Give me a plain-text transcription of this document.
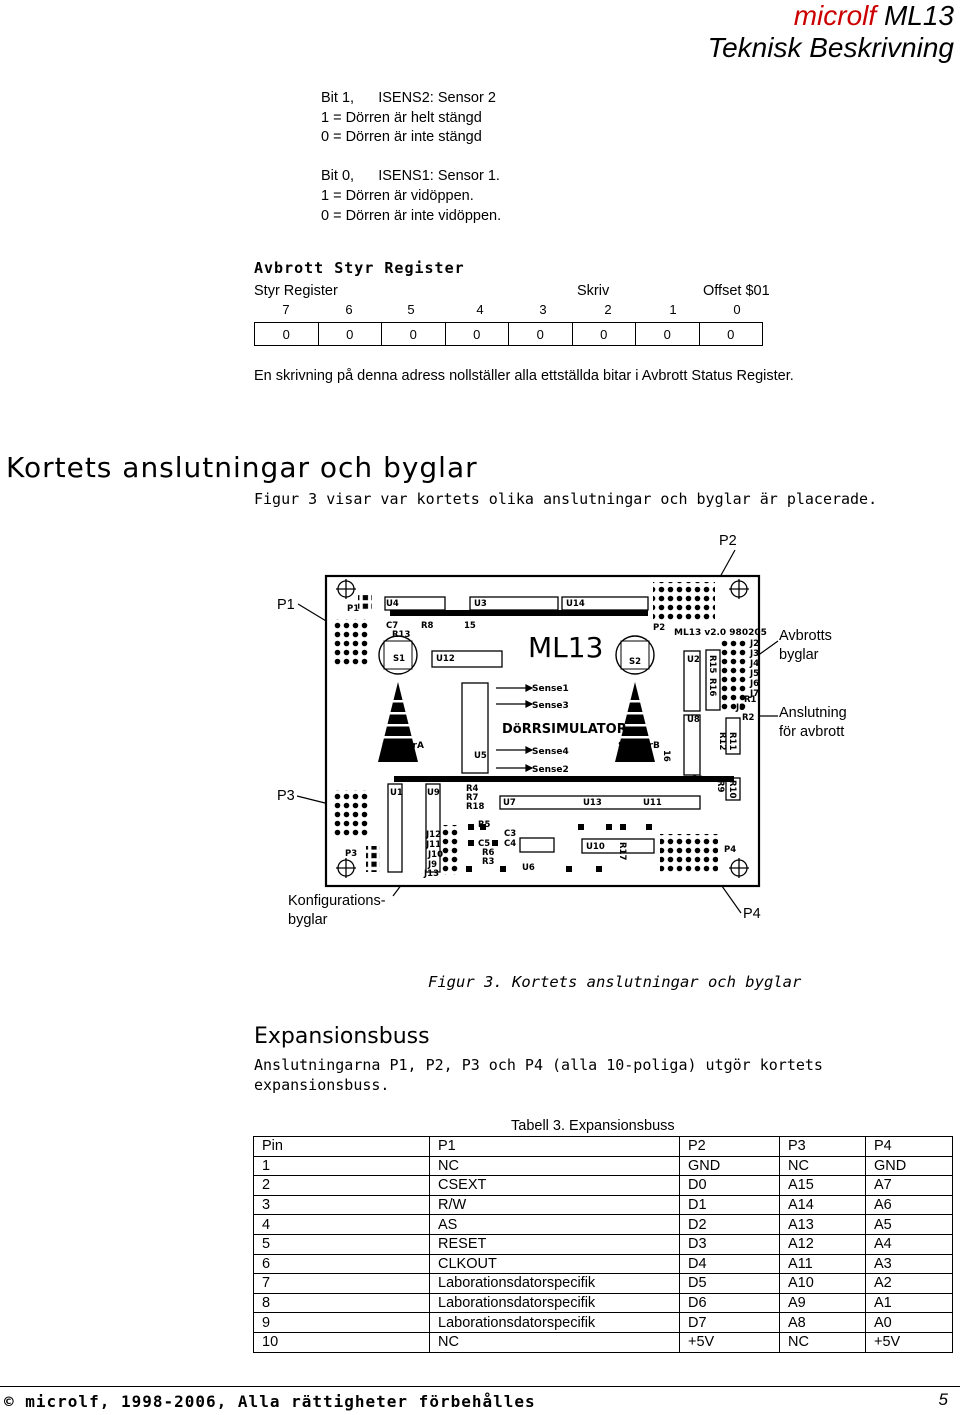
microlf ML13
Teknisk Beskrivning
Bit 1,      ISENS2: Sensor 2
1 = Dörren är helt stängd
0 = Dörren är inte stängd

Bit 0,      ISENS1: Sensor 1.
1 = Dörren är vidöppen.
0 = Dörren är inte vidöppen.
Avbrott Styr Register
Styr Register	Skriv	Offset $01
7	6	5	4	3	2	1	0
0	0	0	0	0	0	0	0
En skrivning på denna adress nollställer alla ettställda bitar i Avbrott Status Register.
Kortets anslutningar och byglar
Figur 3 visar var kortets olika anslutningar och byglar är placerade.
P2
P1
Avbrotts
byglar
Anslutning
för avbrott
P3
Konfigurations-
byglar	P4
ML13	ML13 v2.0 980205
DöRRSIMULATOR
Sense1
Sense3
Sense4
Sense2
SensorA	SensorB
P1
P2
P3	P4
U4	U3	U14
U12
U5
U2
U8
U1	U9
U7	U13	U11
U10
U6
S1	S2
C7
R13
R8	15
J2
J3
J4
J5
J6
J7
J8
R2
R1
J12
J11
J10
J9
J13
R4
R7
R18
R5
R6
R3
C3
C4
C5
20
16
R11
R12
R9 R10
R15
R16
R17
Figur 3. Kortets anslutningar och byglar
Expansionsbuss
Anslutningarna P1, P2, P3 och P4 (alla 10-poliga) utgör kortets
expansionsbuss.
Tabell 3. Expansionsbuss
Pin	P1	P2	P3	P4
1	NC	GND	NC	GND
2	CSEXT	D0	A15	A7
3	R/W	D1	A14	A6
4	AS	D2	A13	A5
5	RESET	D3	A12	A4
6	CLKOUT	D4	A11	A3
7	Laborationsdatorspecifik	D5	A10	A2
8	Laborationsdatorspecifik	D6	A9	A1
9	Laborationsdatorspecifik	D7	A8	A0
10	NC	+5V	NC	+5V
© microlf, 1998-2006, Alla rättigheter förbehålles	5
